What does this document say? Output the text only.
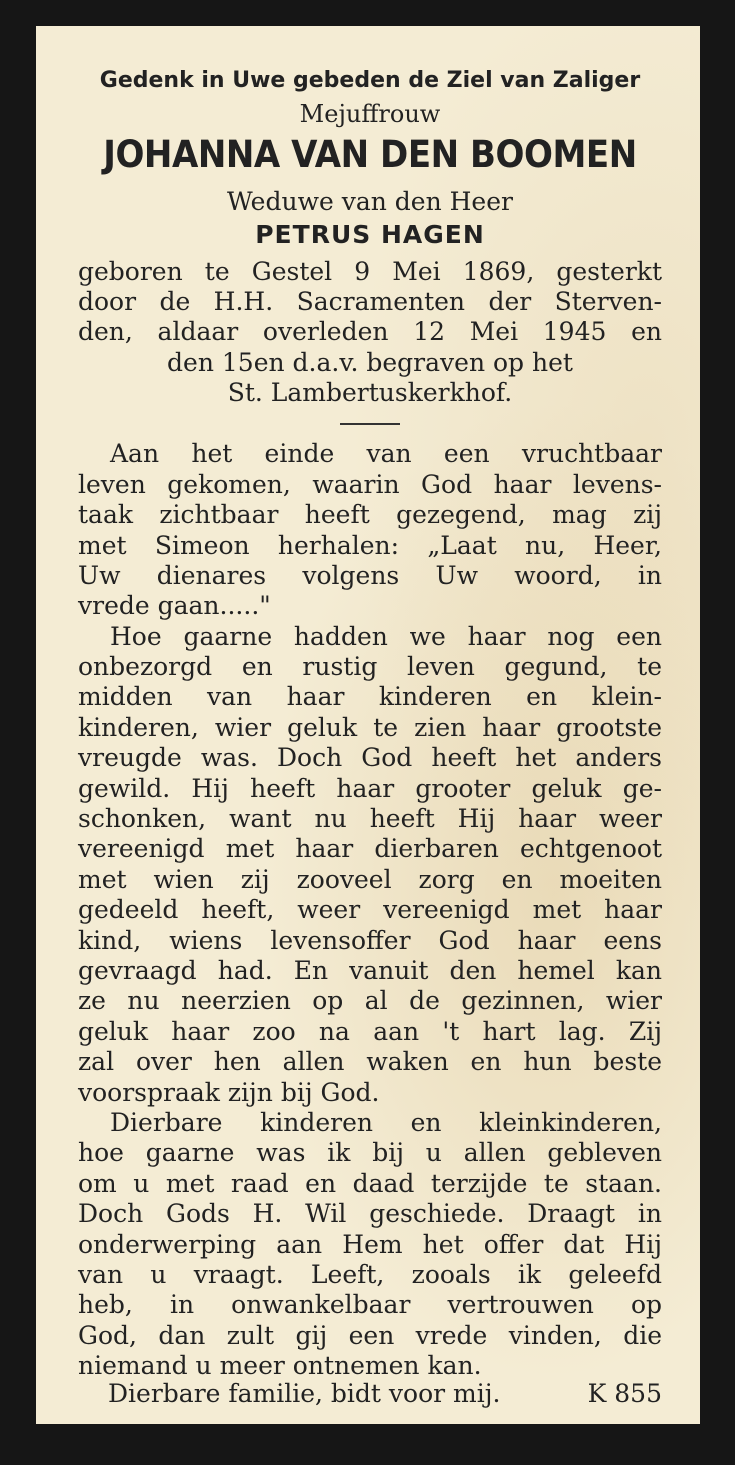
Gedenk in Uwe gebeden de Ziel van Zaliger
Mejuffrouw
JOHANNA VAN DEN BOOMEN
Weduwe van den Heer
PETRUS HAGEN
geboren te Gestel 9 Mei 1869, gesterkt
door de H.H. Sacramenten der Sterven-
den, aldaar overleden 12 Mei 1945 en
den 15en d.a.v. begraven op het
St. Lambertuskerkhof.
Aan het einde van een vruchtbaar
leven gekomen, waarin God haar levens-
taak zichtbaar heeft gezegend, mag zij
met Simeon herhalen: „Laat nu, Heer,
Uw dienares volgens Uw woord, in
vrede gaan....."
Hoe gaarne hadden we haar nog een
onbezorgd en rustig leven gegund, te
midden van haar kinderen en klein-
kinderen, wier geluk te zien haar grootste
vreugde was. Doch God heeft het anders
gewild. Hij heeft haar grooter geluk ge-
schonken, want nu heeft Hij haar weer
vereenigd met haar dierbaren echtgenoot
met wien zij zooveel zorg en moeiten
gedeeld heeft, weer vereenigd met haar
kind, wiens levensoffer God haar eens
gevraagd had. En vanuit den hemel kan
ze nu neerzien op al de gezinnen, wier
geluk haar zoo na aan 't hart lag. Zij
zal over hen allen waken en hun beste
voorspraak zijn bij God.
Dierbare kinderen en kleinkinderen,
hoe gaarne was ik bij u allen gebleven
om u met raad en daad terzijde te staan.
Doch Gods H. Wil geschiede. Draagt in
onderwerping aan Hem het offer dat Hij
van u vraagt. Leeft, zooals ik geleefd
heb, in onwankelbaar vertrouwen op
God, dan zult gij een vrede vinden, die
niemand u meer ontnemen kan.
Dierbare familie, bidt voor mij.	K 855
